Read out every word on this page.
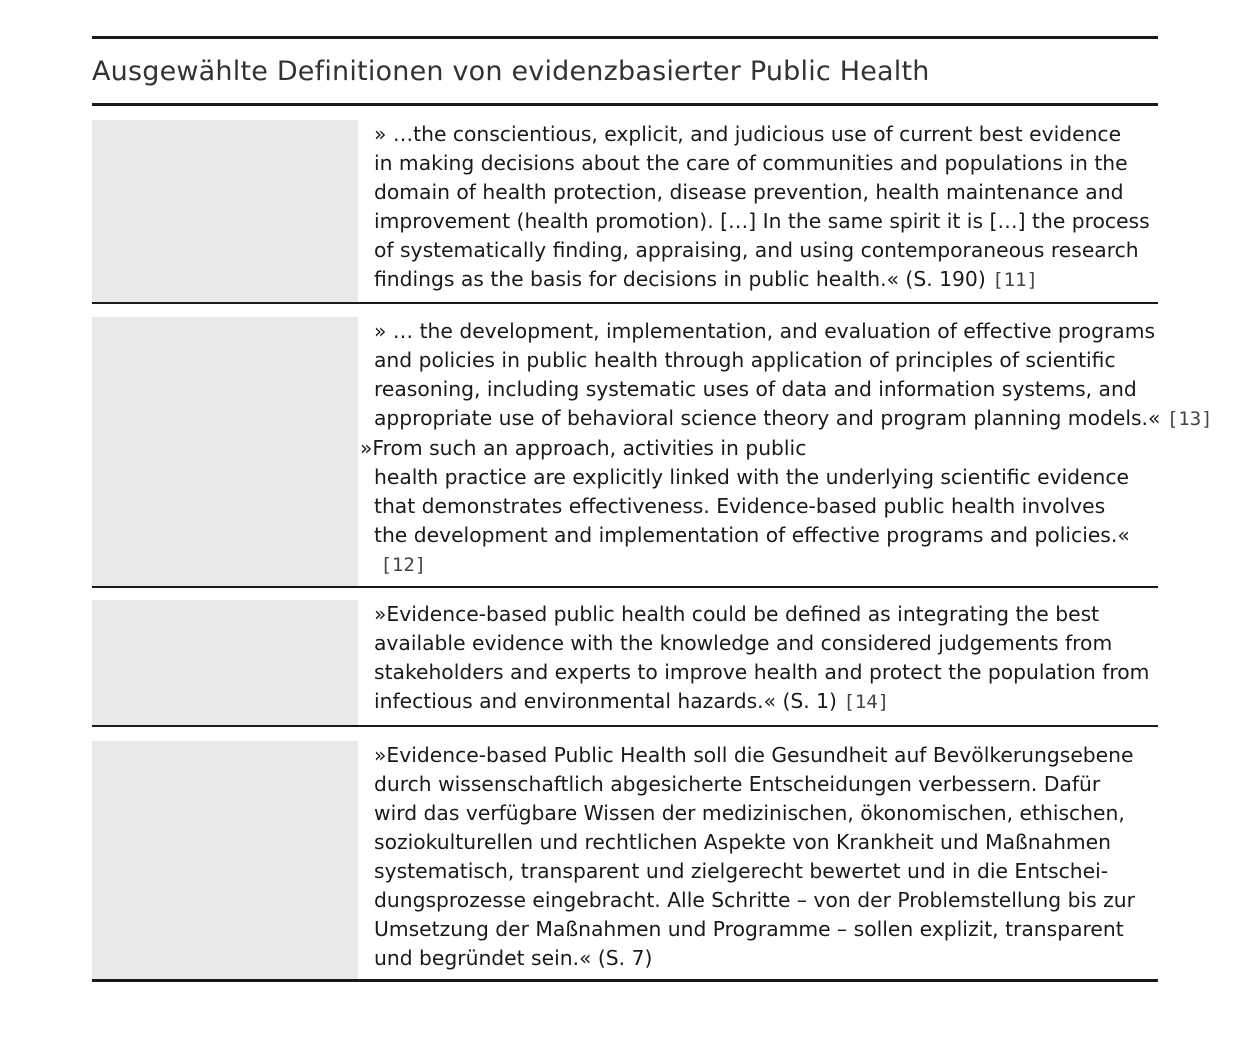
Ausgewählte Definitionen von evidenzbasierter Public Health
» …the conscientious, explicit, and judicious use of current best evidence
in making decisions about the care of communities and populations in the
domain of health protection, disease prevention, health maintenance and
improvement (health promotion). […] In the same spirit it is […] the process
of systematically finding, appraising, and using contemporaneous research
findings as the basis for decisions in public health.« (S. 190) [11]
» … the development, implementation, and evaluation of effective programs
and policies in public health through application of principles of scientific
reasoning, including systematic uses of data and information systems, and
appropriate use of behavioral science theory and program planning models.« [13]
»From such an approach, activities in public
health practice are explicitly linked with the underlying scientific evidence
that demonstrates effectiveness. Evidence-based public health involves
the development and implementation of effective programs and policies.«
[12]
»Evidence-based public health could be defined as integrating the best
available evidence with the knowledge and considered judgements from
stakeholders and experts to improve health and protect the population from
infectious and environmental hazards.« (S. 1) [14]
»Evidence-based Public Health soll die Gesundheit auf Bevölkerungsebene
durch wissenschaftlich abgesicherte Entscheidungen verbessern. Dafür
wird das verfügbare Wissen der medizinischen, ökonomischen, ethischen,
soziokulturellen und rechtlichen Aspekte von Krankheit und Maßnahmen
systematisch, transparent und zielgerecht bewertet und in die Entschei-
dungsprozesse eingebracht. Alle Schritte – von der Problemstellung bis zur
Umsetzung der Maßnahmen und Programme – sollen explizit, transparent
und begründet sein.« (S. 7)
